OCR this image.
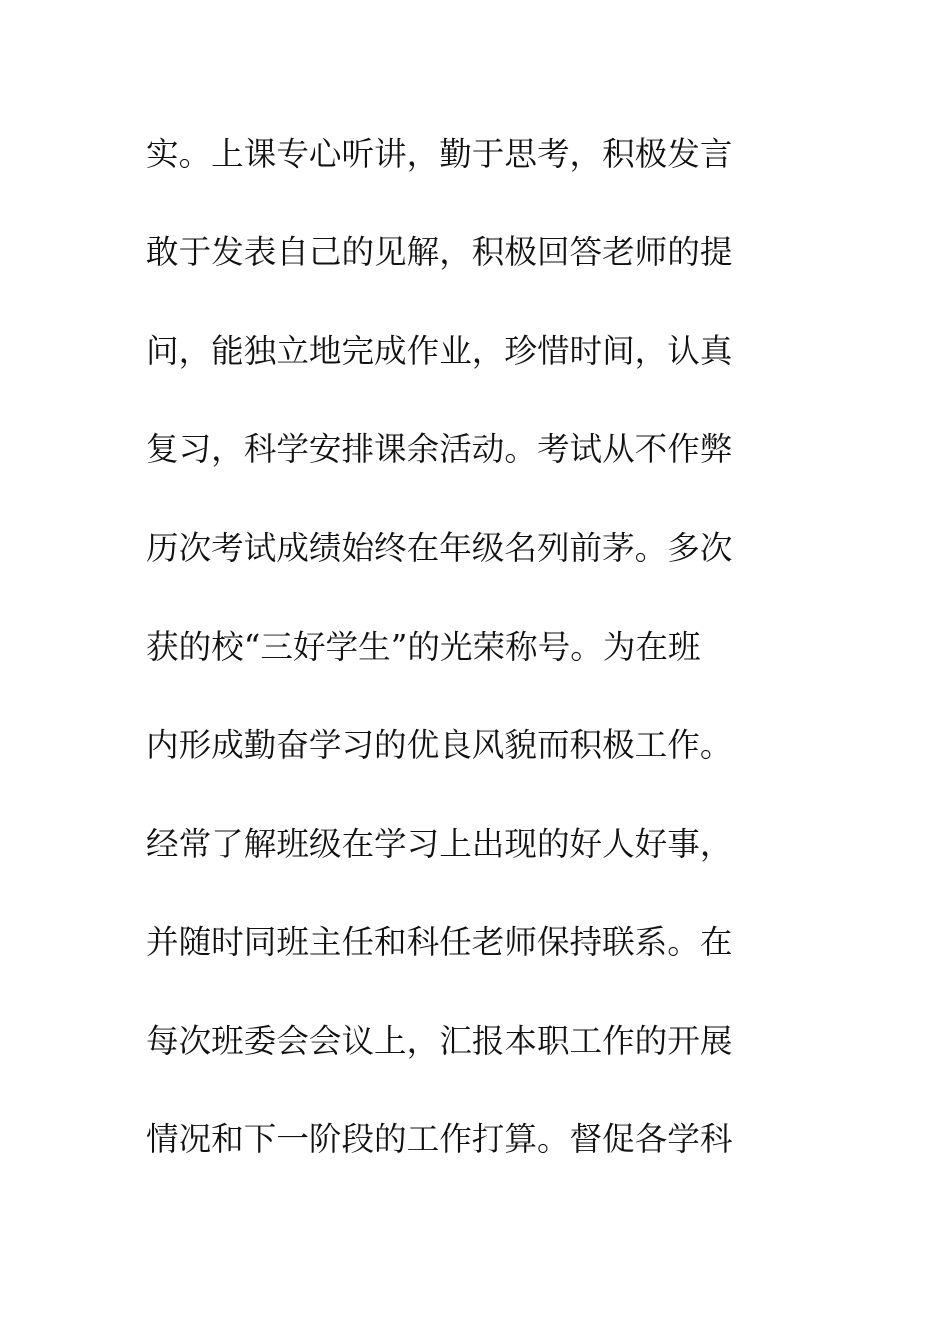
实。上课专心听讲，勤于思考，积极发言
敢于发表自己的见解，积极回答老师的提
问，能独立地完成作业，珍惜时间，认真
复习，科学安排课余活动。考试从不作弊
历次考试成绩始终在年级名列前茅。多次
获的校“三好学生”的光荣称号。为在班
内形成勤奋学习的优良风貌而积极工作。
经常了解班级在学习上出现的好人好事，
并随时同班主任和科任老师保持联系。在
每次班委会会议上，汇报本职工作的开展
情况和下一阶段的工作打算。督促各学科
